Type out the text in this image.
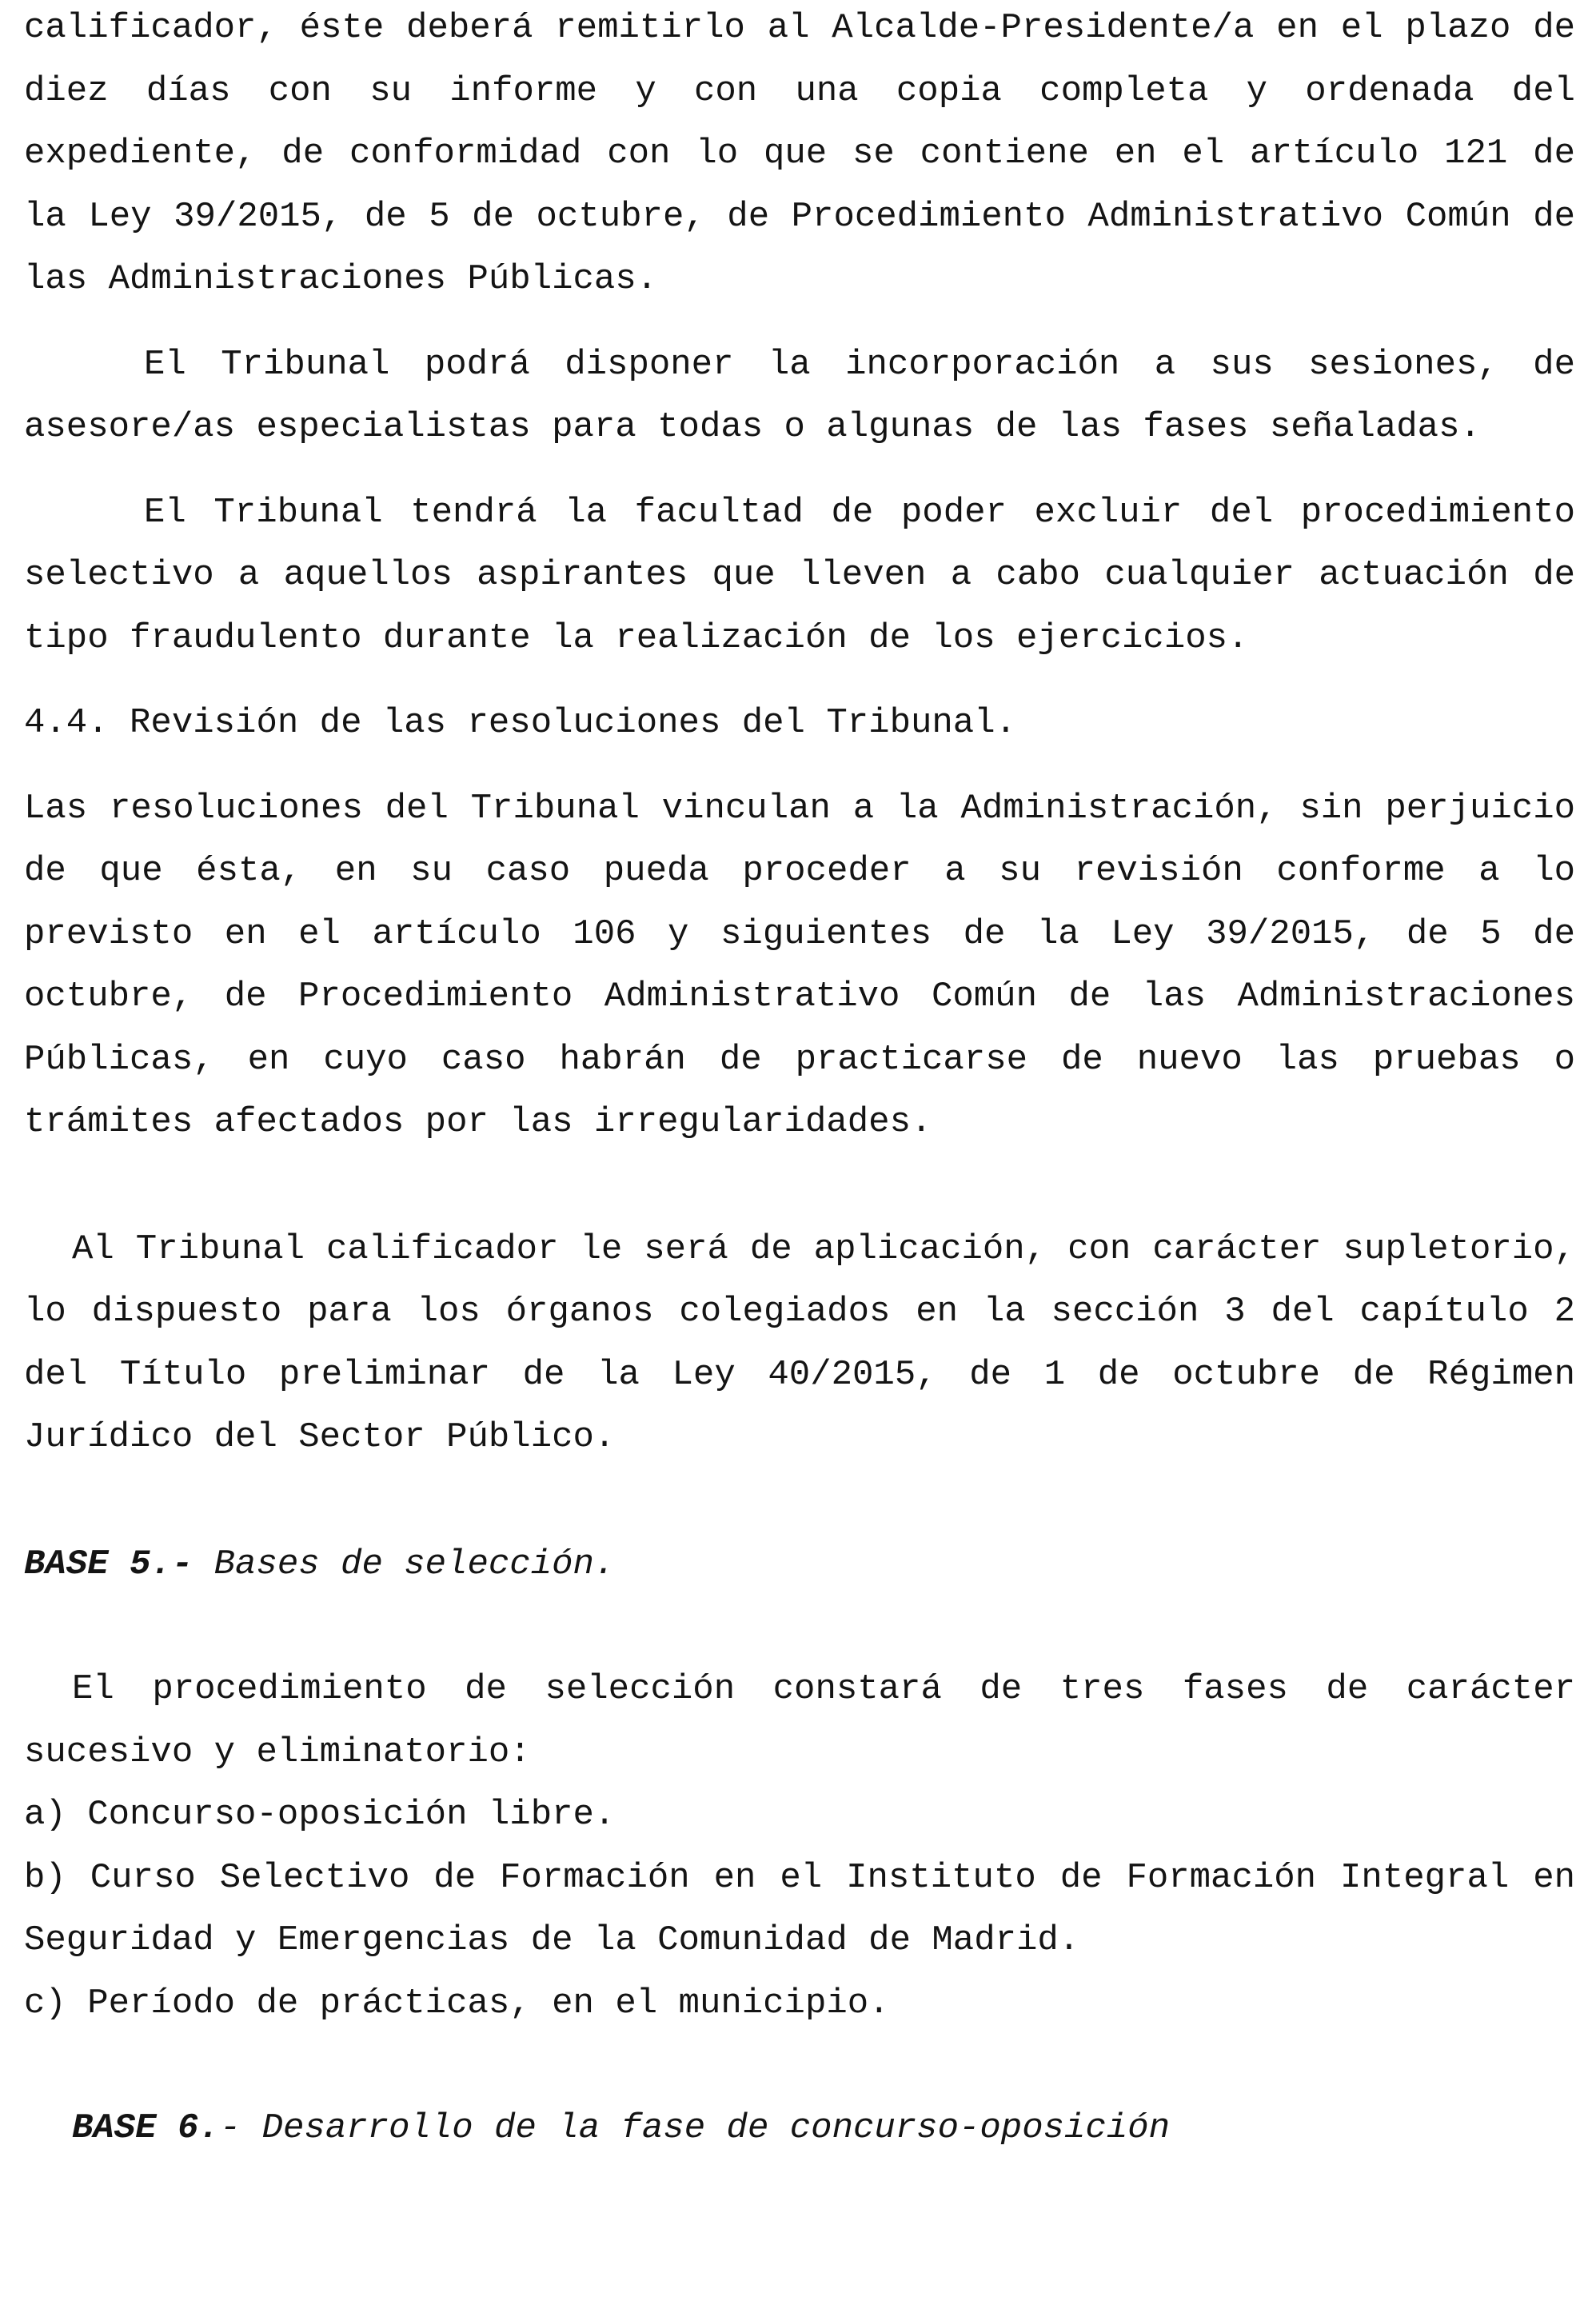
calificador, éste deberá remitirlo al Alcalde-Presidente/a en el plazo de diez días con su informe y con una copia completa y ordenada del expediente, de conformidad con lo que se contiene en el artículo 121 de la Ley 39/2015, de 5 de octubre, de Procedimiento Administrativo Común de las Administraciones Públicas.

El Tribunal podrá disponer la incorporación a sus sesiones, de asesore/as especialistas para todas o algunas de las fases señaladas.

El Tribunal tendrá la facultad de poder excluir del procedimiento selectivo a aquellos aspirantes que lleven a cabo cualquier actuación de tipo fraudulento durante la realización de los ejercicios.

4.4. Revisión de las resoluciones del Tribunal.

Las resoluciones del Tribunal vinculan a la Administración, sin perjuicio de que ésta, en su caso pueda proceder a su revisión conforme a lo previsto en el artículo 106 y siguientes de la Ley 39/2015, de 5 de octubre, de Procedimiento Administrativo Común de las Administraciones Públicas, en cuyo caso habrán de practicarse de nuevo las pruebas o trámites afectados por las irregularidades.

Al Tribunal calificador le será de aplicación, con carácter supletorio, lo dispuesto para los órganos colegiados en la sección 3 del capítulo 2 del Título preliminar de la Ley 40/2015, de 1 de octubre de Régimen Jurídico del Sector Público.

BASE 5.- Bases de selección.

El procedimiento de selección constará de tres fases de carácter sucesivo y eliminatorio:

a) Concurso-oposición libre.

b) Curso Selectivo de Formación en el Instituto de Formación Integral en Seguridad y Emergencias de la Comunidad de Madrid.

c) Período de prácticas, en el municipio.

BASE 6.- Desarrollo de la fase de concurso-oposición
